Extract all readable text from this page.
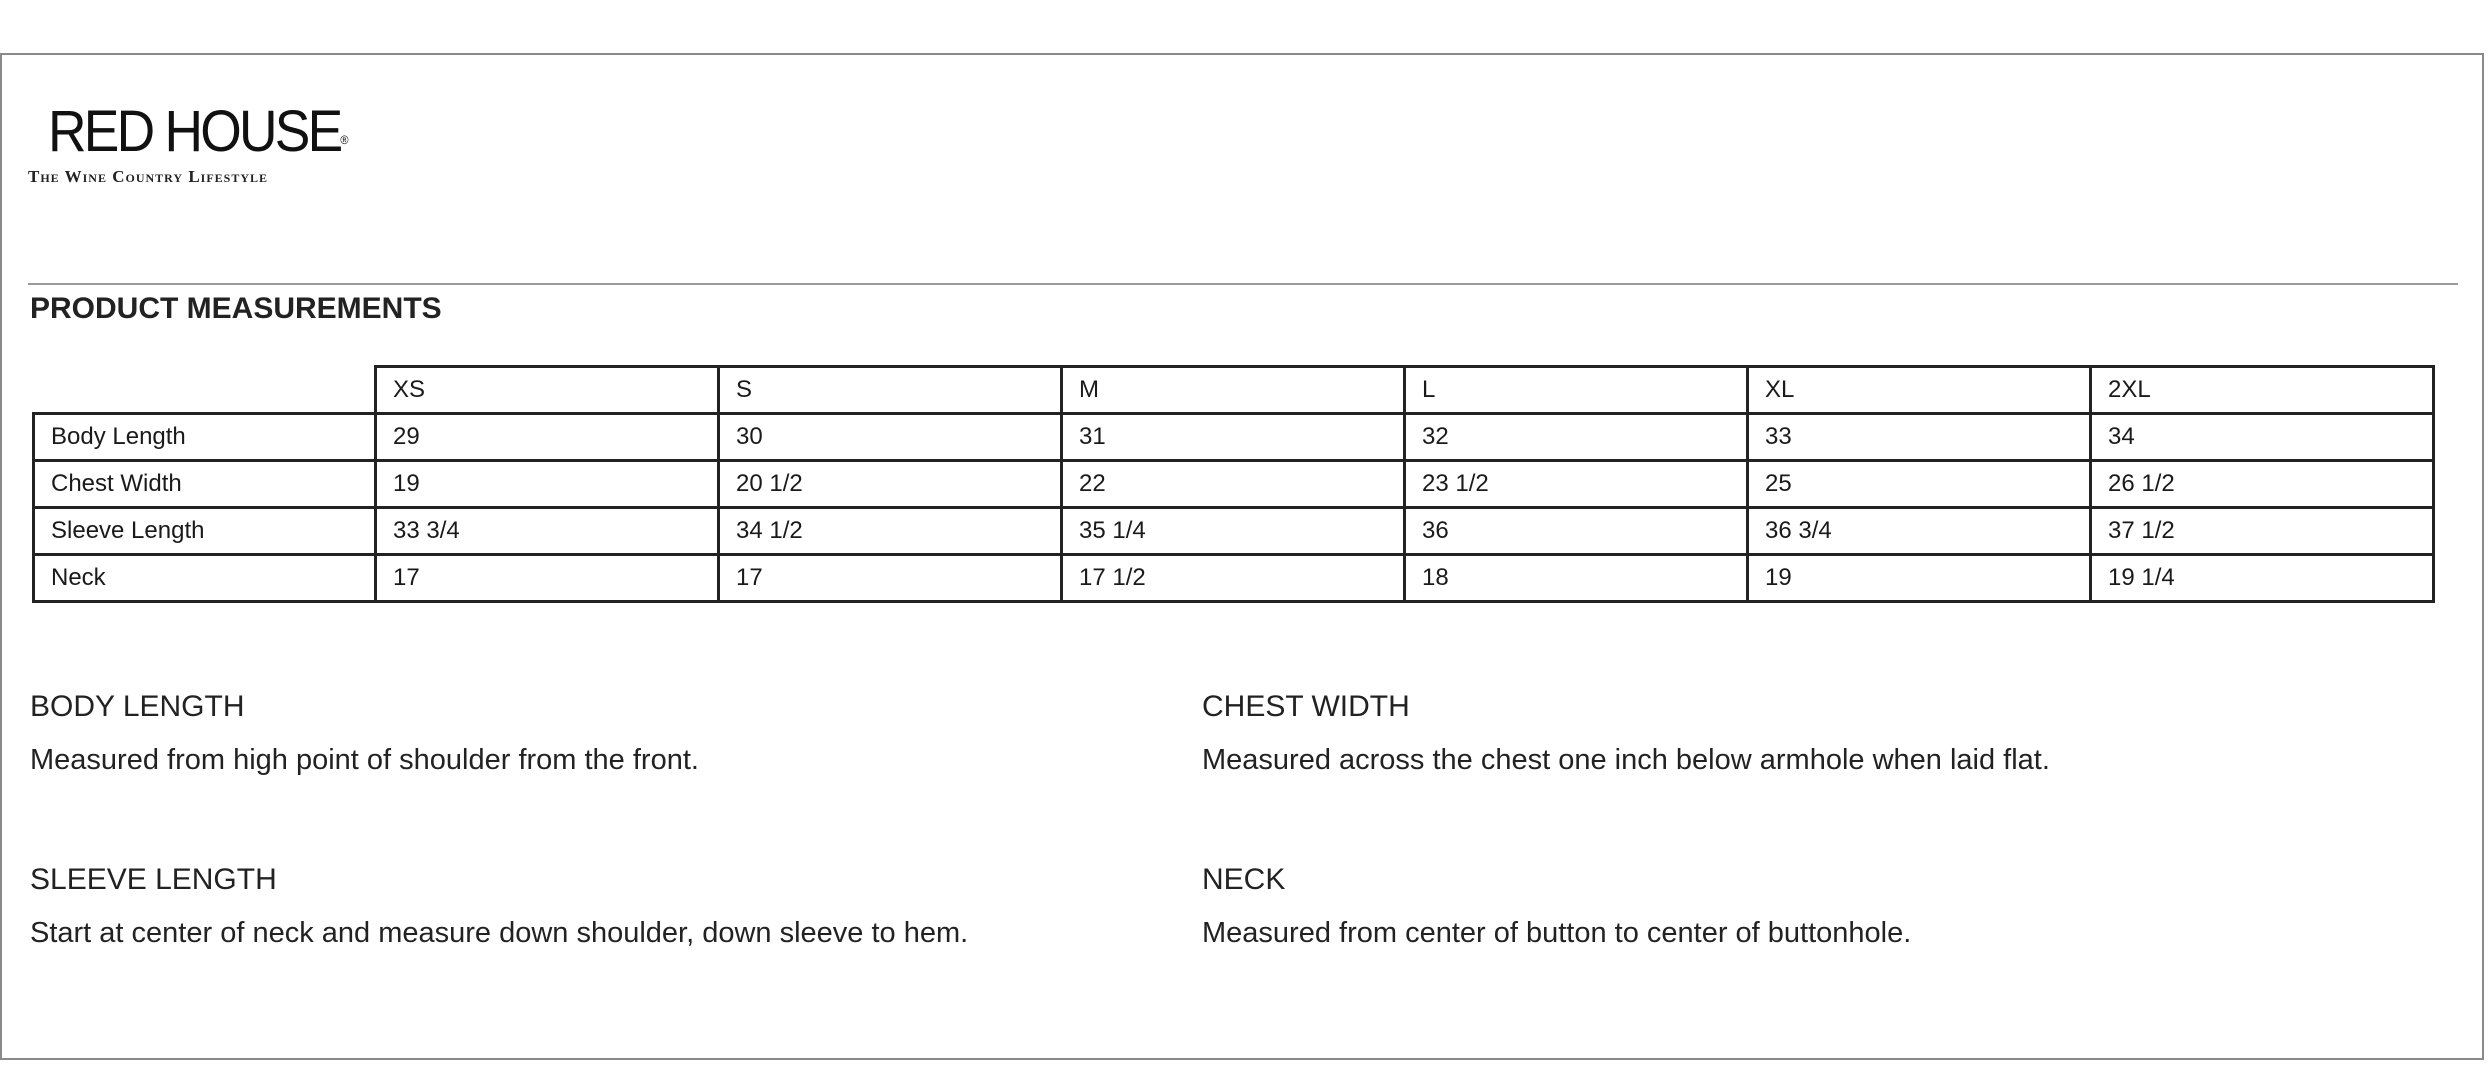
RED HOUSE®
The Wine Country Lifestyle
PRODUCT MEASUREMENTS
	XS	S	M	L	XL	2XL
Body Length	29	30	31	32	33	34
Chest Width	19	20 1/2	22	23 1/2	25	26 1/2
Sleeve Length	33 3/4	34 1/2	35 1/4	36	36 3/4	37 1/2
Neck	17	17	17 1/2	18	19	19 1/4
BODY LENGTH
Measured from high point of shoulder from the front.
CHEST WIDTH
Measured across the chest one inch below armhole when laid flat.
SLEEVE LENGTH
Start at center of neck and measure down shoulder, down sleeve to hem.
NECK
Measured from center of button to center of buttonhole.
